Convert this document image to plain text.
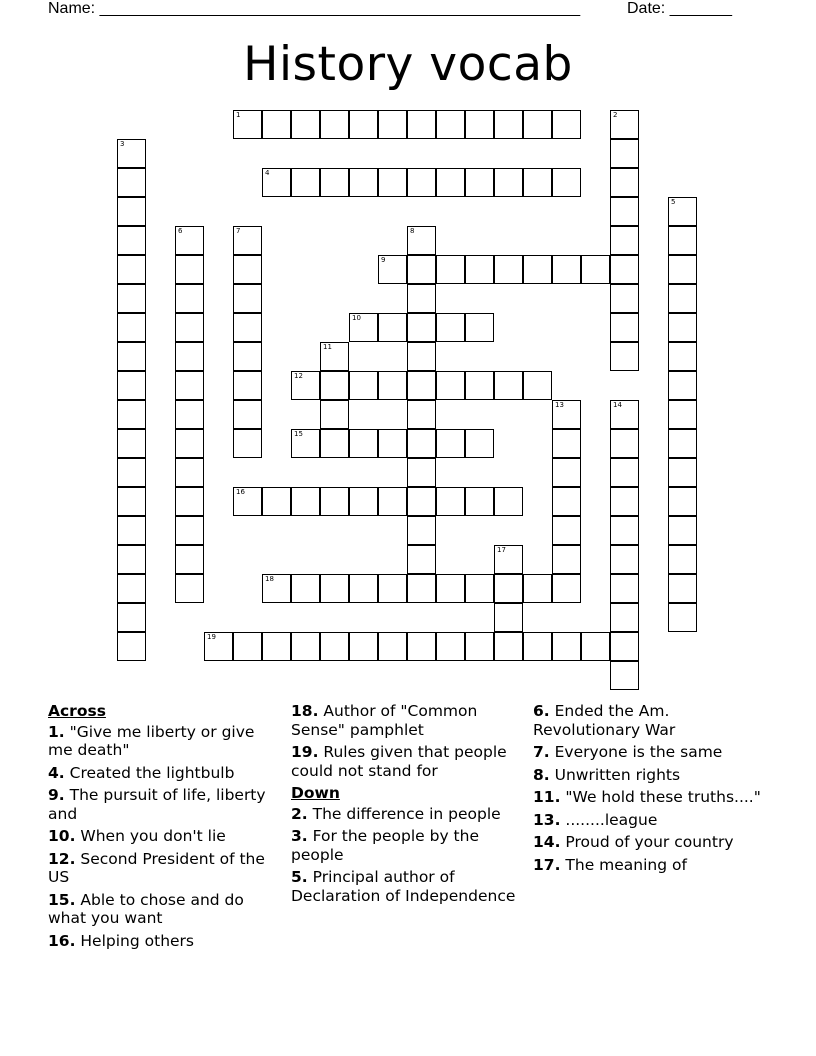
Name: ______________________________________________________	Date: _______
History vocab
1	2
3
4
5
6	7	8
9
10
11
12
13	14
15
16
17
18
19
Across
1. "Give me liberty or give me death"
4. Created the lightbulb
9. The pursuit of life, liberty and
10. When you don't lie
12. Second President of the US
15. Able to chose and do what you want
16. Helping others
18. Author of "Common Sense" pamphlet
19. Rules given that people could not stand for
Down
2. The difference in people
3. For the people by the people
5. Principal author of Declaration of Independence
6. Ended the Am. Revolutionary War
7. Everyone is the same
8. Unwritten rights
11. "We hold these truths...."
13. ........league
14. Proud of your country
17. The meaning of
